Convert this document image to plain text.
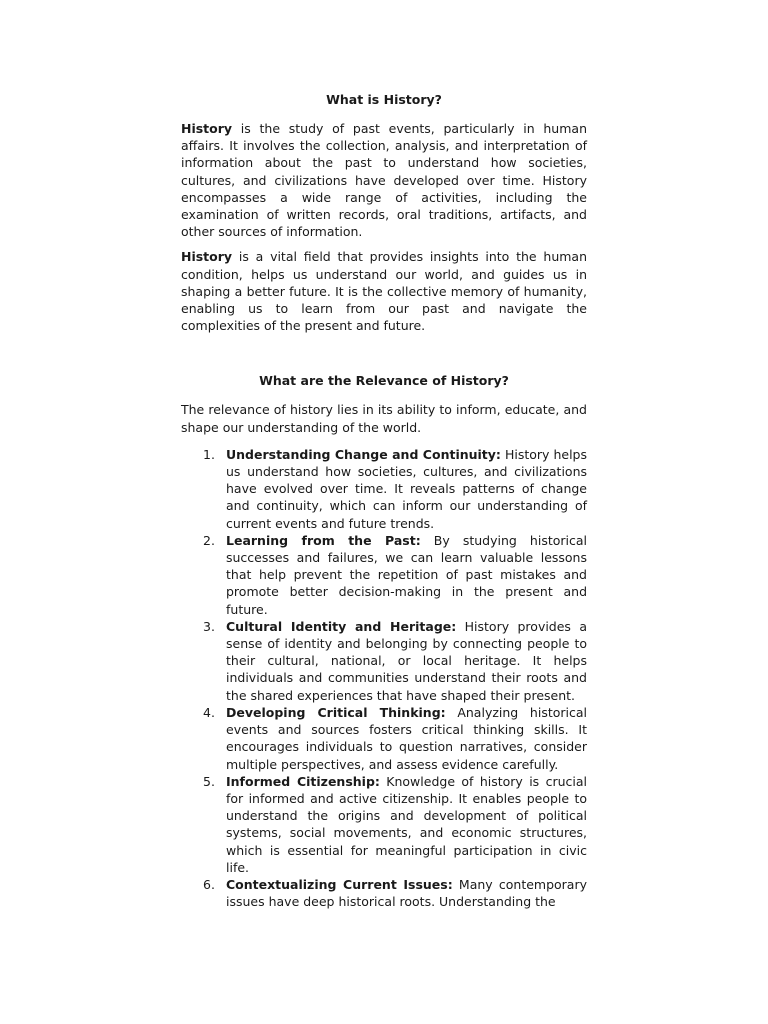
What is History?

History is the study of past events, particularly in human affairs. It involves the collection, analysis, and interpretation of information about the past to understand how societies, cultures, and civilizations have developed over time. History encompasses a wide range of activities, including the examination of written records, oral traditions, artifacts, and other sources of information.

History is a vital field that provides insights into the human condition, helps us understand our world, and guides us in shaping a better future. It is the collective memory of humanity, enabling us to learn from our past and navigate the complexities of the present and future.

What are the Relevance of History?

The relevance of history lies in its ability to inform, educate, and shape our understanding of the world.

1. Understanding Change and Continuity: History helps us understand how societies, cultures, and civilizations have evolved over time. It reveals patterns of change and continuity, which can inform our understanding of current events and future trends.
2. Learning from the Past: By studying historical successes and failures, we can learn valuable lessons that help prevent the repetition of past mistakes and promote better decision-making in the present and future.
3. Cultural Identity and Heritage: History provides a sense of identity and belonging by connecting people to their cultural, national, or local heritage. It helps individuals and communities understand their roots and the shared experiences that have shaped their present.
4. Developing Critical Thinking: Analyzing historical events and sources fosters critical thinking skills. It encourages individuals to question narratives, consider multiple perspectives, and assess evidence carefully.
5. Informed Citizenship: Knowledge of history is crucial for informed and active citizenship. It enables people to understand the origins and development of political systems, social movements, and economic structures, which is essential for meaningful participation in civic life.
6. Contextualizing Current Issues: Many contemporary issues have deep historical roots. Understanding the
